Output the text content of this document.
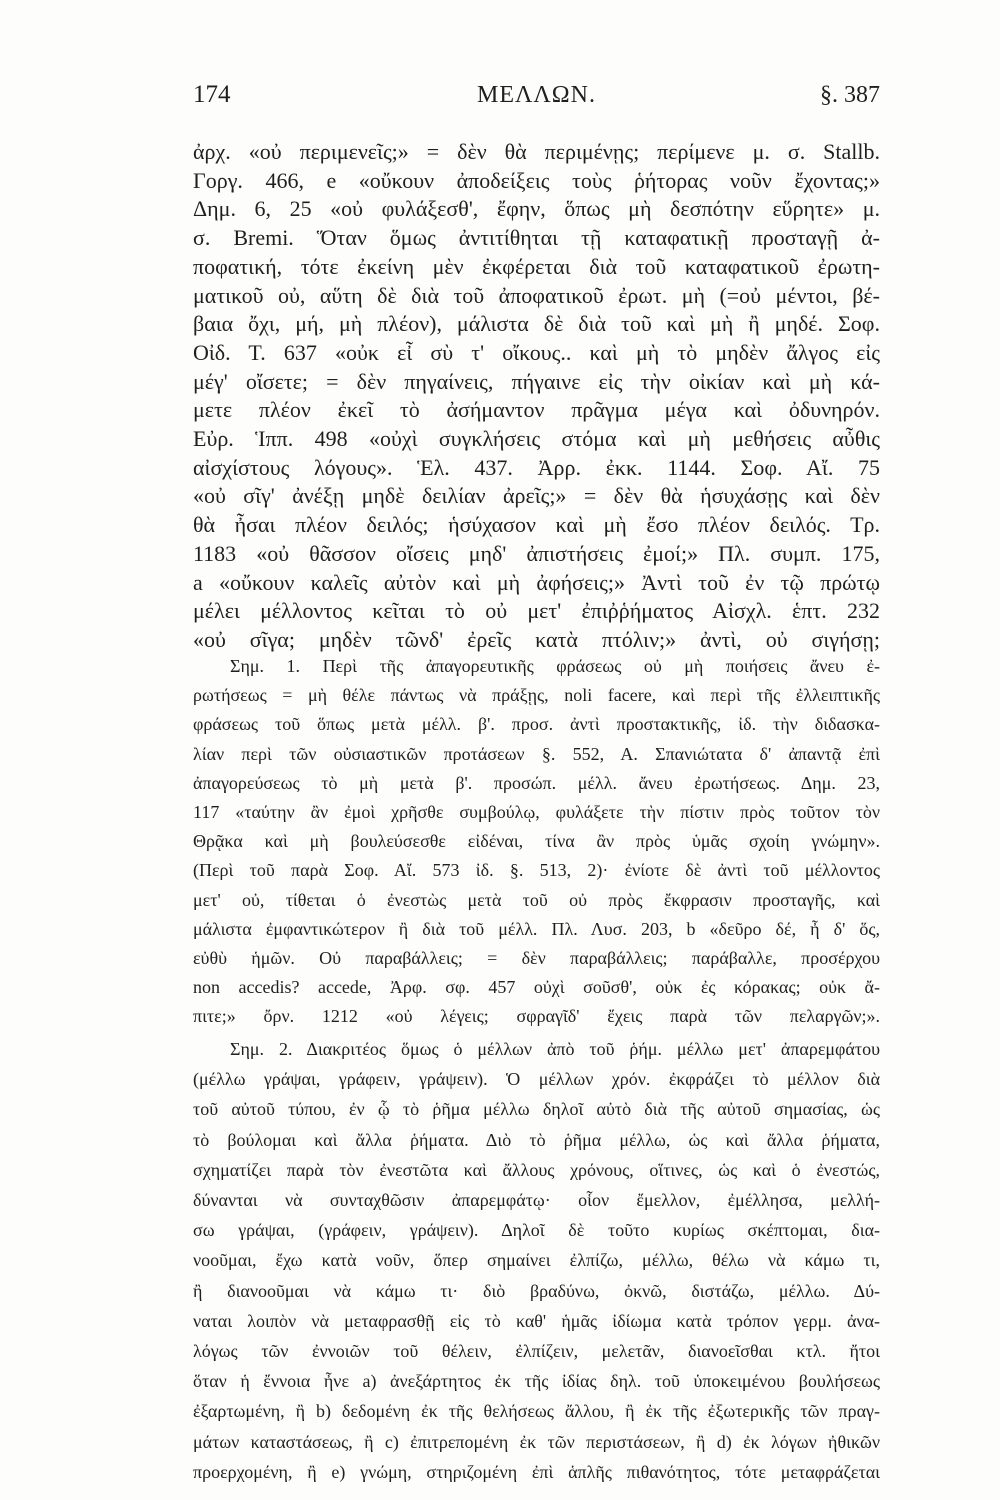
174	ΜΕΛΛΩΝ.	§. 387
ἀρχ. «οὐ περιμενεῖς;» = δὲν θὰ περιμένῃς; περίμενε μ. σ. Stallb.
Γοργ. 466, e «οὔκουν ἀποδείξεις τοὺς ῥήτορας νοῦν ἔχοντας;»
Δημ. 6, 25 «οὐ φυλάξεσθ', ἔφην, ὅπως μὴ δεσπότην εὕρητε» μ.
σ. Bremi. Ὅταν ὅμως ἀντιτίθηται τῇ καταφατικῇ προσταγῇ ἀ-
ποφατική, τότε ἐκείνη μὲν ἐκφέρεται διὰ τοῦ καταφατικοῦ ἐρωτη-
ματικοῦ οὐ, αὕτη δὲ διὰ τοῦ ἀποφατικοῦ ἐρωτ. μὴ (=οὐ μέντοι, βέ-
βαια ὄχι, μή, μὴ πλέον), μάλιστα δὲ διὰ τοῦ καὶ μὴ ἢ μηδέ. Σοφ.
Οἰδ. Τ. 637 «οὐκ εἶ σὺ τ' οἴκους.. καὶ μὴ τὸ μηδὲν ἄλγος εἰς
μέγ' οἴσετε; = δὲν πηγαίνεις, πήγαινε εἰς τὴν οἰκίαν καὶ μὴ κά-
μετε πλέον ἐκεῖ τὸ ἀσήμαντον πρᾶγμα μέγα καὶ ὀδυνηρόν.
Εὐρ. Ἱππ. 498 «οὐχὶ συγκλήσεις στόμα καὶ μὴ μεθήσεις αὖθις
αἰσχίστους λόγους». Ἑλ. 437. Ἀρρ. ἐκκ. 1144. Σοφ. Αἴ. 75
«οὐ σῖγ' ἀνέξῃ μηδὲ δειλίαν ἀρεῖς;» = δὲν θὰ ἡσυχάσῃς καὶ δὲν
θὰ ἦσαι πλέον δειλός; ἡσύχασον καὶ μὴ ἔσο πλέον δειλός. Τρ.
1183 «οὐ θᾶσσον οἴσεις μηδ' ἀπιστήσεις ἐμοί;» Πλ. συμπ. 175,
a «οὔκουν καλεῖς αὐτὸν καὶ μὴ ἀφήσεις;» Ἀντὶ τοῦ ἐν τῷ πρώτῳ
μέλει μέλλοντος κεῖται τὸ οὐ μετ' ἐπιῤῥήματος Αἰσχλ. ἑπτ. 232
«οὐ σῖγα; μηδὲν τῶνδ' ἐρεῖς κατὰ πτόλιν;» ἀντὶ, οὐ σιγήσῃ;
Σημ. 1. Περὶ τῆς ἀπαγορευτικῆς φράσεως οὐ μὴ ποιήσεις ἄνευ ἐ-
ρωτήσεως = μὴ θέλε πάντως νὰ πράξῃς, noli facere, καὶ περὶ τῆς ἐλλειπτικῆς
φράσεως τοῦ ὅπως μετὰ μέλλ. β'. προσ. ἀντὶ προστακτικῆς, ἰδ. τὴν διδασκα-
λίαν περὶ τῶν οὐσιαστικῶν προτάσεων §. 552, Α. Σπανιώτατα δ' ἀπαντᾷ ἐπὶ
ἀπαγορεύσεως τὸ μὴ μετὰ β'. προσώπ. μέλλ. ἄνευ ἐρωτήσεως. Δημ. 23,
117 «ταύτην ἂν ἐμοὶ χρῆσθε συμβούλῳ, φυλάξετε τὴν πίστιν πρὸς τοῦτον τὸν
Θρᾷκα καὶ μὴ βουλεύσεσθε εἰδέναι, τίνα ἂν πρὸς ὑμᾶς σχοίη γνώμην».
(Περὶ τοῦ παρὰ Σοφ. Αἴ. 573 ἰδ. §. 513, 2)· ἐνίοτε δὲ ἀντὶ τοῦ μέλλοντος
μετ' οὐ, τίθεται ὁ ἐνεστὼς μετὰ τοῦ οὐ πρὸς ἔκφρασιν προσταγῆς, καὶ
μάλιστα ἐμφαντικώτερον ἢ διὰ τοῦ μέλλ. Πλ. Λυσ. 203, b «δεῦρο δέ, ἦ δ' ὅς,
εὐθὺ ἡμῶν. Οὐ παραβάλλεις; = δὲν παραβάλλεις; παράβαλλε, προσέρχου
non accedis? accede, Ἀρφ. σφ. 457 οὐχὶ σοῦσθ', οὐκ ἐς κόρακας; οὐκ ἄ-
πιτε;» ὄρν. 1212 «οὐ λέγεις; σφραγῖδ' ἔχεις παρὰ τῶν πελαργῶν;».
Σημ. 2. Διακριτέος ὅμως ὁ μέλλων ἀπὸ τοῦ ῥήμ. μέλλω μετ' ἀπαρεμφάτου
(μέλλω γράψαι, γράφειν, γράψειν). Ὁ μέλλων χρόν. ἐκφράζει τὸ μέλλον διὰ
τοῦ αὐτοῦ τύπου, ἐν ᾧ τὸ ῥῆμα μέλλω δηλοῖ αὐτὸ διὰ τῆς αὐτοῦ σημασίας, ὡς
τὸ βούλομαι καὶ ἄλλα ῥήματα. Διὸ τὸ ῥῆμα μέλλω, ὡς καὶ ἄλλα ῥήματα,
σχηματίζει παρὰ τὸν ἐνεστῶτα καὶ ἄλλους χρόνους, οἵτινες, ὡς καὶ ὁ ἐνεστώς,
δύνανται νὰ συνταχθῶσιν ἀπαρεμφάτῳ· οἷον ἔμελλον, ἐμέλλησα, μελλή-
σω γράψαι, (γράφειν, γράψειν). Δηλοῖ δὲ τοῦτο κυρίως σκέπτομαι, δια-
νοοῦμαι, ἔχω κατὰ νοῦν, ὅπερ σημαίνει ἐλπίζω, μέλλω, θέλω νὰ κάμω τι,
ἢ διανοοῦμαι νὰ κάμω τι· διὸ βραδύνω, ὀκνῶ, διστάζω, μέλλω. Δύ-
ναται λοιπὸν νὰ μεταφρασθῇ εἰς τὸ καθ' ἡμᾶς ἰδίωμα κατὰ τρόπον γερμ. ἀνα-
λόγως τῶν ἐννοιῶν τοῦ θέλειν, ἐλπίζειν, μελετᾶν, διανοεῖσθαι κτλ. ἤτοι
ὅταν ἡ ἔννοια ἦνε a) ἀνεξάρτητος ἐκ τῆς ἰδίας δηλ. τοῦ ὑποκειμένου βουλήσεως
ἐξαρτωμένη, ἢ b) δεδομένη ἐκ τῆς θελήσεως ἄλλου, ἢ ἐκ τῆς ἐξωτερικῆς τῶν πραγ-
μάτων καταστάσεως, ἢ c) ἐπιτρεπομένη ἐκ τῶν περιστάσεων, ἢ d) ἐκ λόγων ἠθικῶν
προερχομένη, ἢ e) γνώμη, στηριζομένη ἐπὶ ἁπλῆς πιθανότητος, τότε μεταφράζεται
